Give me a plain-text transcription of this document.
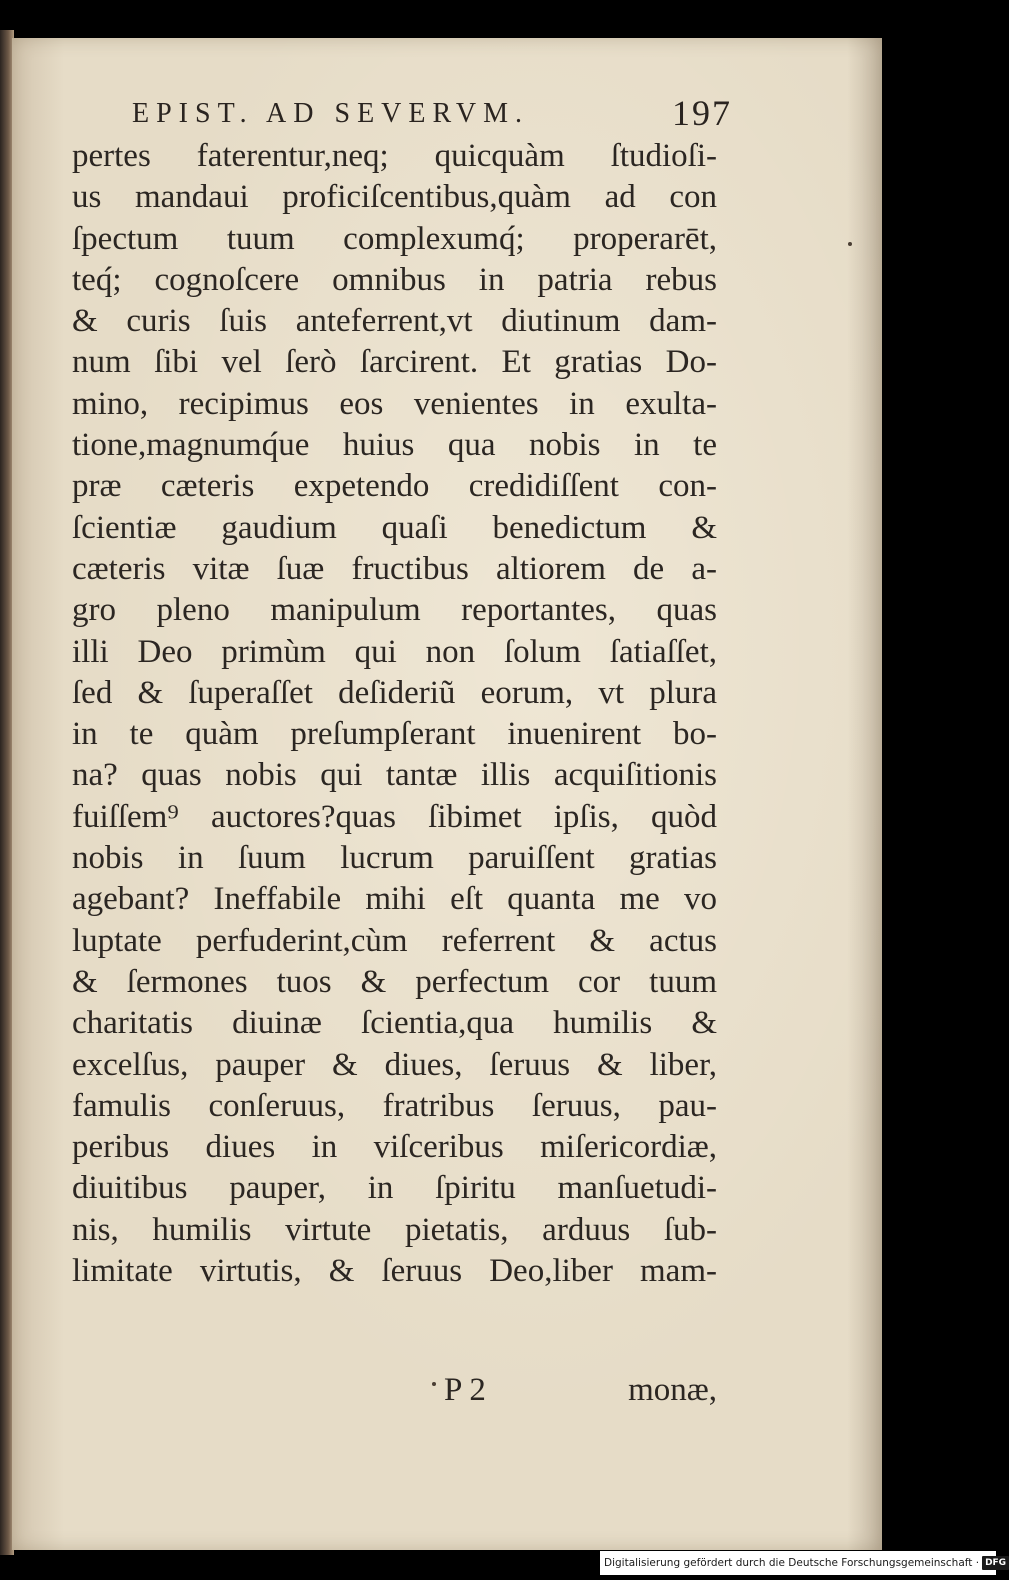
EPIST. AD SEVERVM.	197
pertes faterentur,neq; quicquàm ſtudioſi-
us mandaui proficiſcentibus,quàm ad con
ſpectum tuum complexumq́; properarēt,
teq́; cognoſcere omnibus in patria rebus
& curis ſuis anteferrent,vt diutinum dam-
num ſibi vel ſerò ſarcirent. Et gratias Do-
mino, recipimus eos venientes in exulta-
tione,magnumq́ue huius qua nobis in te
præ cæteris expetendo credidiſſent con-
ſcientiæ gaudium quaſi benedictum &
cæteris vitæ ſuæ fructibus altiorem de a-
gro pleno manipulum reportantes, quas
illi Deo primùm qui non ſolum ſatiaſſet,
ſed & ſuperaſſet deſideriũ eorum, vt plura
in te quàm preſumpſerant inuenirent bo-
na? quas nobis qui tantæ illis acquiſitionis
fuiſſem⁹ auctores?quas ſibimet ipſis, quòd
nobis in ſuum lucrum paruiſſent gratias
agebant? Ineffabile mihi eſt quanta me vo
luptate perfuderint,cùm referrent & actus
& ſermones tuos & perfectum cor tuum
charitatis diuinæ ſcientia,qua humilis &
excelſus, pauper & diues, ſeruus & liber,
famulis conſeruus, fratribus ſeruus, pau-
peribus diues in viſceribus miſericordiæ,
diuitibus pauper, in ſpiritu manſuetudi-
nis, humilis virtute pietatis, arduus ſub-
limitate virtutis, & ſeruus Deo,liber mam-
P 2	monæ,
Digitalisierung gefördert durch die Deutsche Forschungsgemeinschaft · DFG
